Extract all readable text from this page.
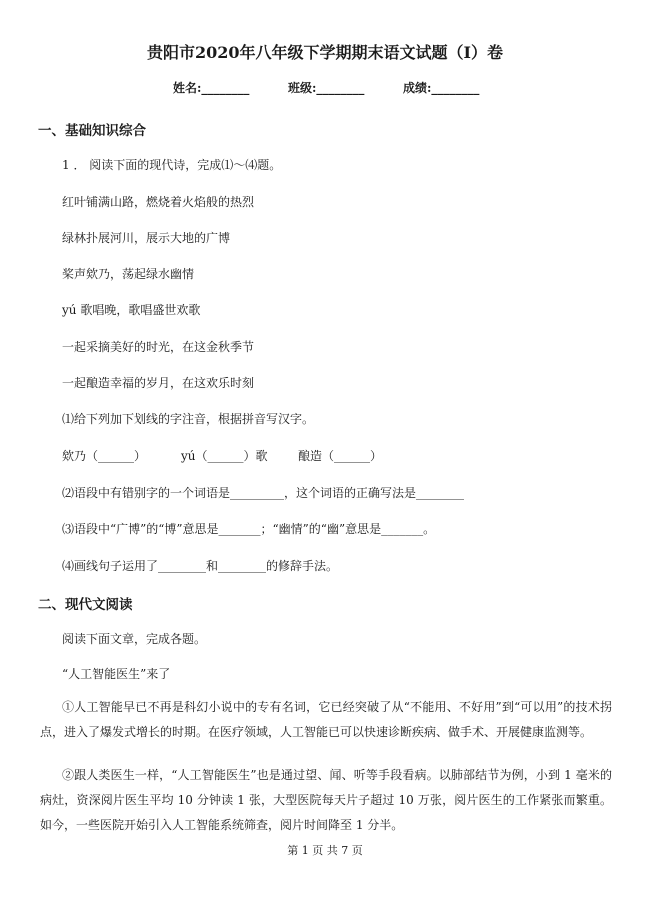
贵阳市2020年八年级下学期期末语文试题（I）卷
姓名:________	班级:________	成绩:________
一、基础知识综合
1 ． 阅读下面的现代诗，完成⑴～⑷题。
红叶铺满山路，燃烧着火焰般的热烈
绿林扑展河川，展示大地的广博
桨声欸乃，荡起绿水幽情
yú 歌唱晚，歌唱盛世欢歌
一起采摘美好的时光，在这金秋季节
一起酿造幸福的岁月，在这欢乐时刻
⑴给下列加下划线的字注音，根据拼音写汉字。
欸乃（______）	yú（______）歌	酿造（______）
⑵语段中有错别字的一个词语是_________，这个词语的正确写法是________
⑶语段中“广博”的“博”意思是_______；“幽情”的“幽”意思是_______。
⑷画线句子运用了________和________的修辞手法。
二、现代文阅读
阅读下面文章，完成各题。
“人工智能医生”来了
①人工智能早已不再是科幻小说中的专有名词，它已经突破了从“不能用、不好用”到“可以用”的技术拐点，进入了爆发式增长的时期。在医疗领域，人工智能已可以快速诊断疾病、做手术、开展健康监测等。
②跟人类医生一样，“人工智能医生”也是通过望、闻、听等手段看病。以肺部结节为例，小到 1 毫米的病灶，资深阅片医生平均 10 分钟读 1 张，大型医院每天片子超过 10 万张，阅片医生的工作紧张而繁重。如今，一些医院开始引入人工智能系统筛查，阅片时间降至 1 分半。
第 1 页 共 7 页
